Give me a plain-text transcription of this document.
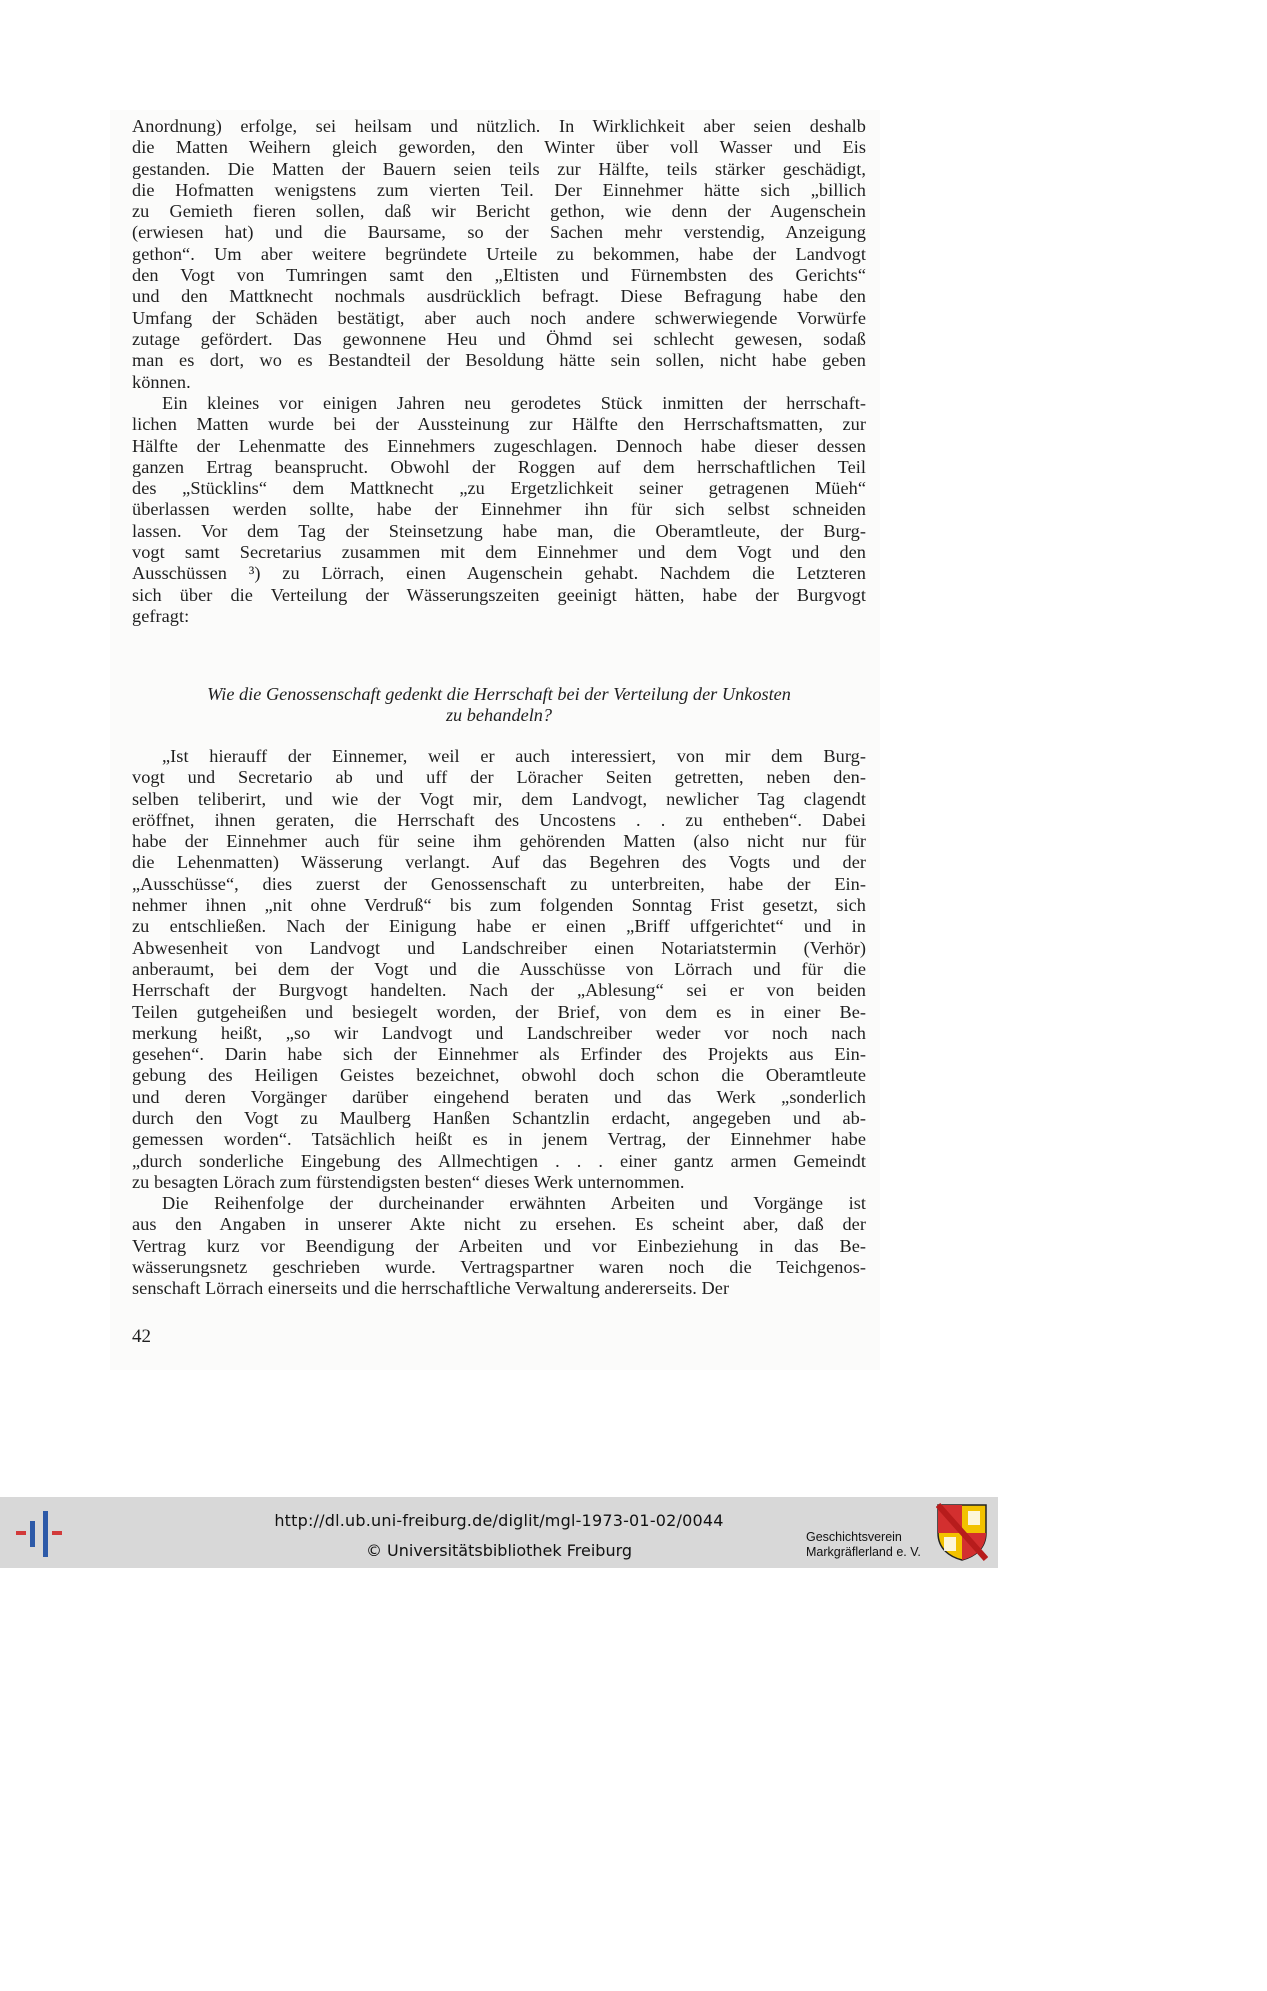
Anordnung) erfolge, sei heilsam und nützlich. In Wirklichkeit aber seien deshalb
die Matten Weihern gleich geworden, den Winter über voll Wasser und Eis
gestanden. Die Matten der Bauern seien teils zur Hälfte, teils stärker geschädigt,
die Hofmatten wenigstens zum vierten Teil. Der Einnehmer hätte sich „billich
zu Gemieth fieren sollen, daß wir Bericht gethon, wie denn der Augenschein
(erwiesen hat) und die Baursame, so der Sachen mehr verstendig, Anzeigung
gethon“. Um aber weitere begründete Urteile zu bekommen, habe der Landvogt
den Vogt von Tumringen samt den „Eltisten und Fürnembsten des Gerichts“
und den Mattknecht nochmals ausdrücklich befragt. Diese Befragung habe den
Umfang der Schäden bestätigt, aber auch noch andere schwerwiegende Vorwürfe
zutage gefördert. Das gewonnene Heu und Öhmd sei schlecht gewesen, sodaß
man es dort, wo es Bestandteil der Besoldung hätte sein sollen, nicht habe geben
können.
Ein kleines vor einigen Jahren neu gerodetes Stück inmitten der herrschaft-
lichen Matten wurde bei der Aussteinung zur Hälfte den Herrschaftsmatten, zur
Hälfte der Lehenmatte des Einnehmers zugeschlagen. Dennoch habe dieser dessen
ganzen Ertrag beansprucht. Obwohl der Roggen auf dem herrschaftlichen Teil
des „Stücklins“ dem Mattknecht „zu Ergetzlichkeit seiner getragenen Müeh“
überlassen werden sollte, habe der Einnehmer ihn für sich selbst schneiden
lassen. Vor dem Tag der Steinsetzung habe man, die Oberamtleute, der Burg-
vogt samt Secretarius zusammen mit dem Einnehmer und dem Vogt und den
Ausschüssen ³) zu Lörrach, einen Augenschein gehabt. Nachdem die Letzteren
sich über die Verteilung der Wässerungszeiten geeinigt hätten, habe der Burgvogt
gefragt:
Wie die Genossenschaft gedenkt die Herrschaft bei der Verteilung der Unkosten
zu behandeln?
„Ist hierauff der Einnemer, weil er auch interessiert, von mir dem Burg-
vogt und Secretario ab und uff der Löracher Seiten getretten, neben den-
selben teliberirt, und wie der Vogt mir, dem Landvogt, newlicher Tag clagendt
eröffnet, ihnen geraten, die Herrschaft des Uncostens . . zu entheben“. Dabei
habe der Einnehmer auch für seine ihm gehörenden Matten (also nicht nur für
die Lehenmatten) Wässerung verlangt. Auf das Begehren des Vogts und der
„Ausschüsse“, dies zuerst der Genossenschaft zu unterbreiten, habe der Ein-
nehmer ihnen „nit ohne Verdruß“ bis zum folgenden Sonntag Frist gesetzt, sich
zu entschließen. Nach der Einigung habe er einen „Briff uffgerichtet“ und in
Abwesenheit von Landvogt und Landschreiber einen Notariatstermin (Verhör)
anberaumt, bei dem der Vogt und die Ausschüsse von Lörrach und für die
Herrschaft der Burgvogt handelten. Nach der „Ablesung“ sei er von beiden
Teilen gutgeheißen und besiegelt worden, der Brief, von dem es in einer Be-
merkung heißt, „so wir Landvogt und Landschreiber weder vor noch nach
gesehen“. Darin habe sich der Einnehmer als Erfinder des Projekts aus Ein-
gebung des Heiligen Geistes bezeichnet, obwohl doch schon die Oberamtleute
und deren Vorgänger darüber eingehend beraten und das Werk „sonderlich
durch den Vogt zu Maulberg Hanßen Schantzlin erdacht, angegeben und ab-
gemessen worden“. Tatsächlich heißt es in jenem Vertrag, der Einnehmer habe
„durch sonderliche Eingebung des Allmechtigen . . . einer gantz armen Gemeindt
zu besagten Lörach zum fürstendigsten besten“ dieses Werk unternommen.
Die Reihenfolge der durcheinander erwähnten Arbeiten und Vorgänge ist
aus den Angaben in unserer Akte nicht zu ersehen. Es scheint aber, daß der
Vertrag kurz vor Beendigung der Arbeiten und vor Einbeziehung in das Be-
wässerungsnetz geschrieben wurde. Vertragspartner waren noch die Teichgenos-
senschaft Lörrach einerseits und die herrschaftliche Verwaltung andererseits. Der
42
http://dl.ub.uni-freiburg.de/diglit/mgl-1973-01-02/0044
© Universitätsbibliothek Freiburg
Geschichtsverein
Markgräflerland e. V.
